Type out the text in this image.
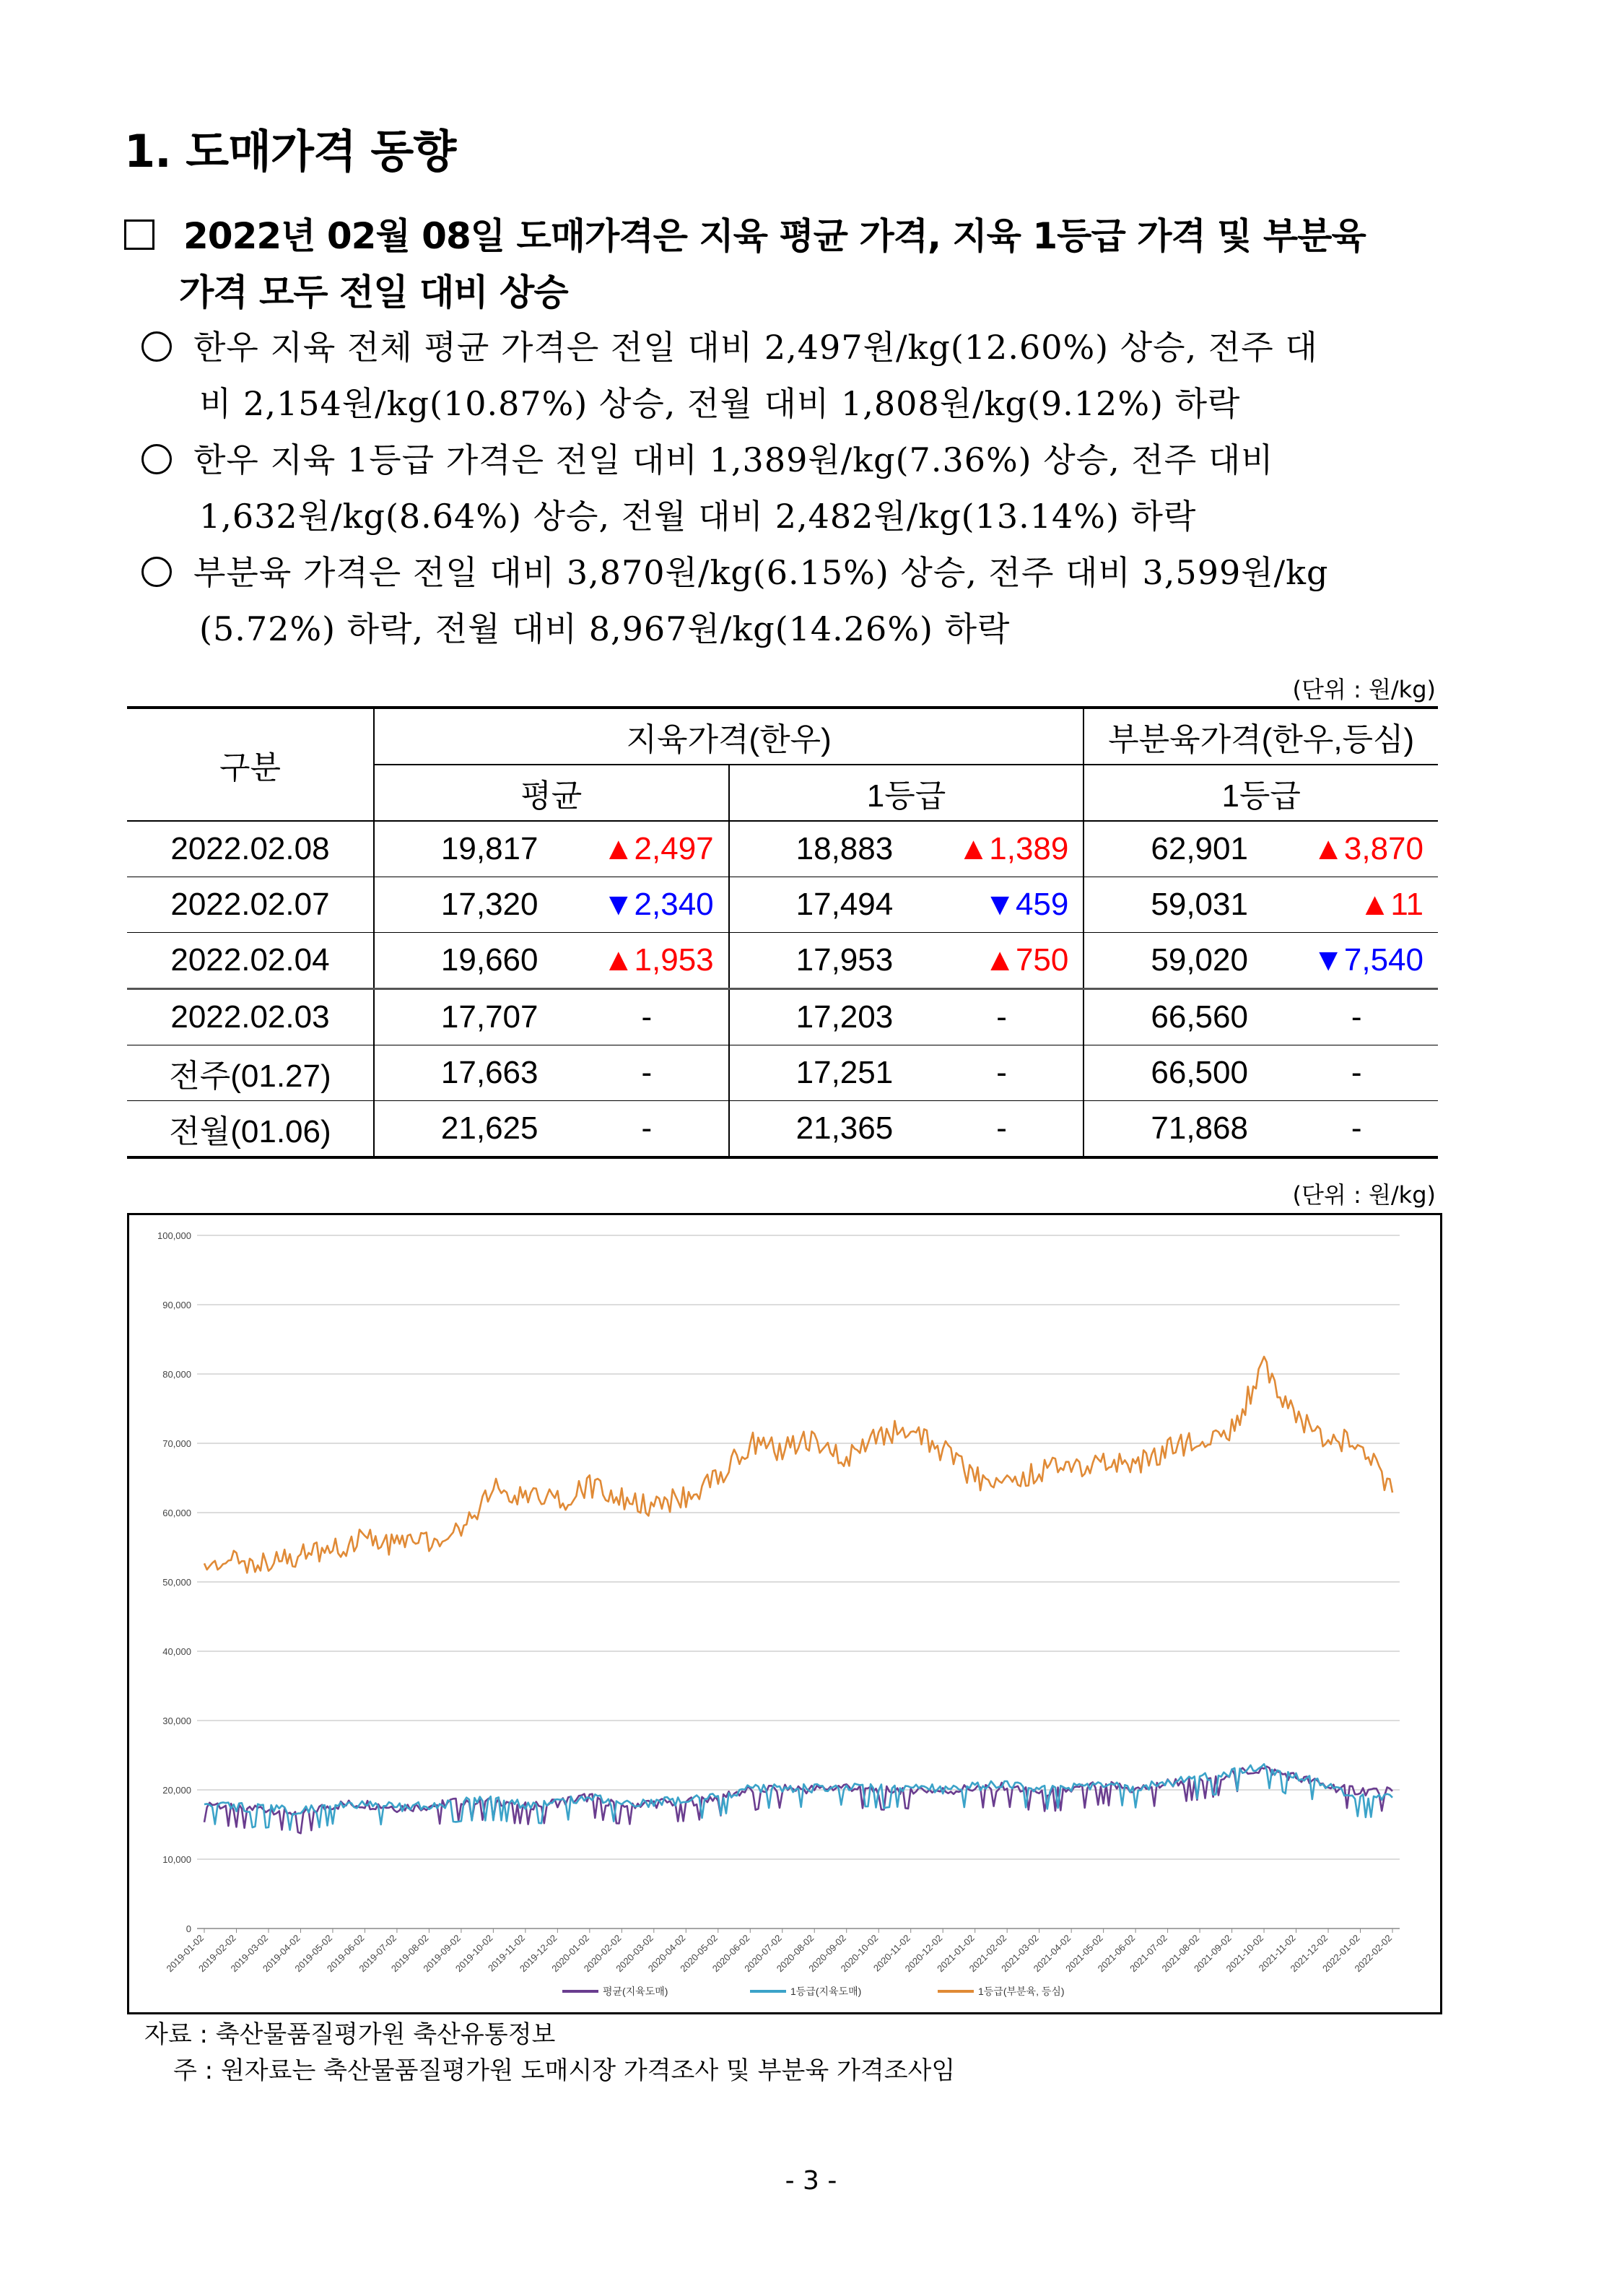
1. 도매가격 동향
2022년 02월 08일 도매가격은 지육 평균 가격, 지육 1등급 가격 및 부분육
가격 모두 전일 대비 상승
한우 지육 전체 평균 가격은 전일 대비 2,497원/kg(12.60%) 상승, 전주 대
비 2,154원/kg(10.87%) 상승, 전월 대비 1,808원/kg(9.12%) 하락
한우 지육 1등급 가격은 전일 대비 1,389원/kg(7.36%) 상승, 전주 대비
1,632원/kg(8.64%) 상승, 전월 대비 2,482원/kg(13.14%) 하락
부분육 가격은 전일 대비 3,870원/kg(6.15%) 상승, 전주 대비 3,599원/kg
(5.72%) 하락, 전월 대비 8,967원/kg(14.26%) 하락
(단위 : 원/kg)
구분	지육가격(한우)				부분육가격(한우,등심)	
	평균		1등급		1등급	
2022.02.08	19,817	▲2,497	18,883	▲1,389	62,901	▲3,870
2022.02.07	17,320	▼2,340	17,494	▼459	59,031	▲11
2022.02.04	19,660	▲1,953	17,953	▲750	59,020	▼7,540
2022.02.03	17,707	-	17,203	-	66,560	-
전주(01.27)	17,663	-	17,251	-	66,500	-
전월(01.06)	21,625	-	21,365	-	71,868	-
(단위 : 원/kg)
0
10,000
20,000
30,000
40,000
50,000
60,000
70,000
80,000
90,000
100,000
2019-01-02
2019-02-02
2019-03-02
2019-04-02
2019-05-02
2019-06-02
2019-07-02
2019-08-02
2019-09-02
2019-10-02
2019-11-02
2019-12-02
2020-01-02
2020-02-02
2020-03-02
2020-04-02
2020-05-02
2020-06-02
2020-07-02
2020-08-02
2020-09-02
2020-10-02
2020-11-02
2020-12-02
2021-01-02
2021-02-02
2021-03-02
2021-04-02
2021-05-02
2021-06-02
2021-07-02
2021-08-02
2021-09-02
2021-10-02
2021-11-02
2021-12-02
2022-01-02
2022-02-02
평균(지육도매)	1등급(지육도매)	1등급(부분육, 등심)
자료 : 축산물품질평가원 축산유통정보
주 : 원자료는 축산물품질평가원 도매시장 가격조사 및 부분육 가격조사임
- 3 -
